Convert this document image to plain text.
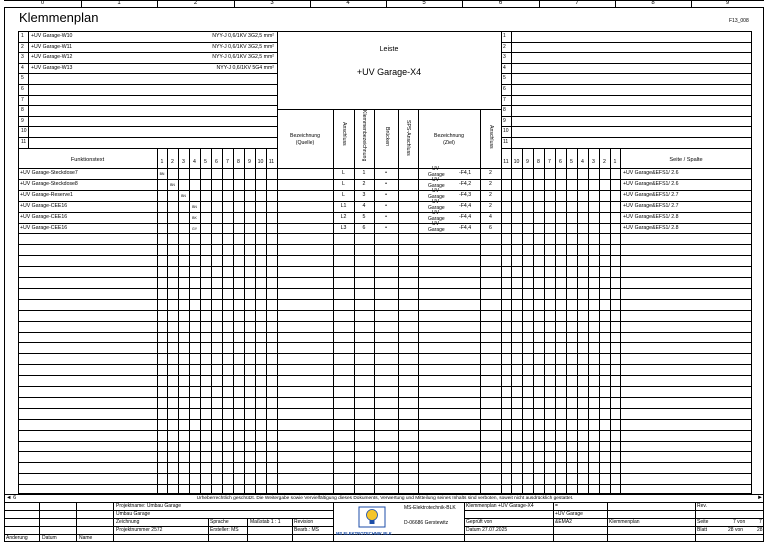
Klemmenplan	F13_008
Leiste
+UV Garage-X4
0	1	2	3	4	5	6	7	8	9
1 +UV Garage-W10	NYY-J 0,6/1KV 3G2,5 mm²
2 +UV Garage-W11	NYY-J 0,6/1KV 3G2,5 mm²
3 +UV Garage-W12	NYY-J 0,6/1KV 3G2,5 mm²
4 +UV Garage-W13	NYY-J 0,6/1KV 5G4 mm²
5
6
7
8
9
10
11
1
2
3
4
5
6
7
8
9
10
11
Bezeichnung
(Quelle)
Bezeichnung
(Ziel)
Anschluss	Klemmenbezeichnung	Brücken	SPS-Anschluss	Anschluss
1	2	3	4	5	6	7	8	9	10	11	11 10	9	8	7	6	5	4	3	2	1
Funktionstext	Seite / Spalte
+UV Garage-Steckdose7	BN	L	1	•
UV
Garage	-F4,1	2	+UV Garage&EFS1/ 2.6
+UV Garage-Steckdose8	BN	L	2	•
UV
Garage	-F4,2	2	+UV Garage&EFS1/ 2.6
+UV Garage-Reserve1	BN	L	3	•
UV
Garage	-F4,3	2	+UV Garage&EFS1/ 2.7
+UV Garage-CEE16	BN	L1	4	•
UV
Garage	-F4,4	2	+UV Garage&EFS1/ 2.7
+UV Garage-CEE16	BK	L2	5	•
UV
Garage	-F4,4	4	+UV Garage&EFS1/ 2.8
+UV Garage-CEE16	GY	L3	6	•
UV
Garage	-F4,4	6	+UV Garage&EFS1/ 2.8
◄ 6	►
Urheberrechtlich geschützt. Die Weitergabe sowie Vervielfältigung dieses Dokuments, Verwertung und Mitteilung seines Inhalts sind verboten, soweit nicht ausdrücklich gestattet.
Projektname: Umbau Garage
Umbau Garage
Zeichnung
Projektnummer 2572
Sprache
Ersteller: MS
Maßstab 1 : 1	Revision
Bearb.: MS
MS-Elektrotechnik-BLK
D-06686 Gerstewitz	Geprüft von
Datum 27.07.2025
Klemmenplan +UV Garage-X4	=
+UV Garage
&EMA2	Klemmenplan
Rev.
Seite	7 von	7
Blatt	28 von	28
Änderung	Datum	Name
MS ELEKTROTECHNIK BLK
